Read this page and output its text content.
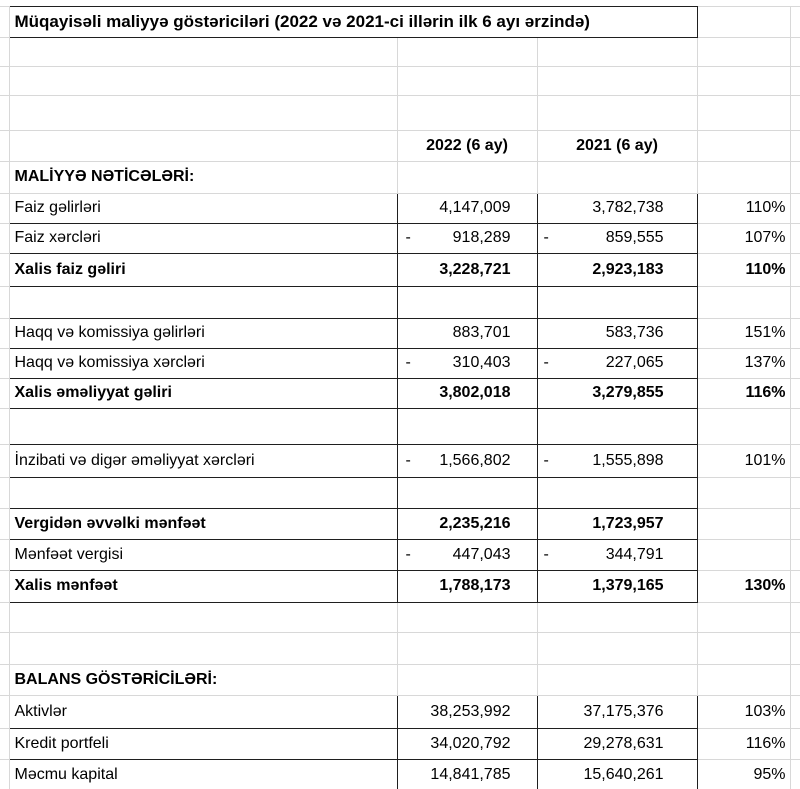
	Müqayisəli maliyyə göstəriciləri (2022 və 2021-ci illərin ilk 6 ayı ərzində)				

		2022 (6 ay)	2021 (6 ay)		
	MALİYYƏ NƏTİCƏLƏRİ:				
	Faiz gəlirləri	4,147,009	3,782,738	110%	
	Faiz xərcləri	- 918,289	- 859,555	107%	
	Xalis faiz gəliri	3,228,721	2,923,183	110%	

	Haqq və komissiya gəlirləri	883,701	583,736	151%	
	Haqq və komissiya xərcləri	- 310,403	- 227,065	137%	
	Xalis əməliyyat gəliri	3,802,018	3,279,855	116%	

	İnzibati və digər əməliyyat xərcləri	- 1,566,802	- 1,555,898	101%	

	Vergidən əvvəlki mənfəət	2,235,216	1,723,957		
	Mənfəət vergisi	- 447,043	- 344,791		
	Xalis mənfəət	1,788,173	1,379,165	130%	

	BALANS GÖSTƏRİCİLƏRİ:				
	Aktivlər	38,253,992	37,175,376	103%	
	Kredit portfeli	34,020,792	29,278,631	116%	
	Məcmu kapital	14,841,785	15,640,261	95%	
